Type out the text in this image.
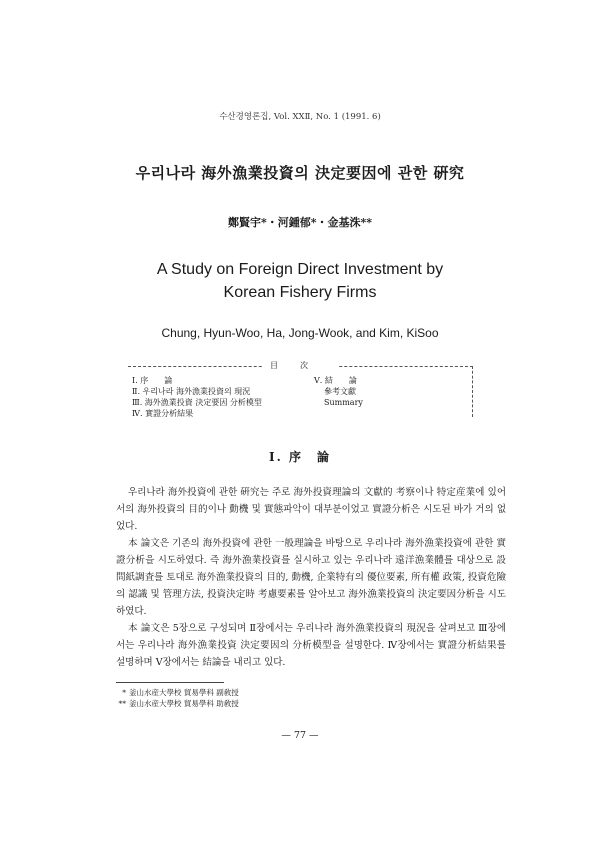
수산경영론집, Vol. XXⅡ, No. 1 (1991. 6)
우리나라 海外漁業投資의 決定要因에 관한 硏究
鄭賢宇*・河鍾郁*・金基洙**
A Study on Foreign Direct Investment by
Korean Fishery Firms
Chung, Hyun-Woo, Ha, Jong-Wook, and Kim, KiSoo
目次
Ⅰ. 序　　論
Ⅱ. 우리나라 海外漁業投資의 現況
Ⅲ. 海外漁業投資 決定要因 分析模型
Ⅳ. 實證分析結果
Ⅴ. 結　　論
參考文獻
Summary
Ⅰ. 序　論

우리나라 海外投資에 관한 硏究는 주로 海外投資理論의 文獻的 考察이나 特定産業에 있어서의 海外投資의 目的이나 動機 및 實態파악이 대부분이었고 實證分析은 시도된 바가 거의 없었다.

本 論文은 기존의 海外投資에 관한 一般理論을 바탕으로 우리나라 海外漁業投資에 관한 實證分析을 시도하였다. 즉 海外漁業投資를 실시하고 있는 우리나라 遠洋漁業體를 대상으로 設問紙調査를 토대로 海外漁業投資의 目的, 動機, 企業特有의 優位要素, 所有權 政策, 投資危險의 認識 및 管理方法, 投資決定時 考慮要素를 알아보고 海外漁業投資의 決定要因分析을 시도하였다.

本 論文은 5장으로 구성되며 Ⅱ장에서는 우리나라 海外漁業投資의 現況을 살펴보고 Ⅲ장에서는 우리나라 海外漁業投資 決定要因의 分析模型을 설명한다. Ⅳ장에서는 實證分析結果를 설명하며 Ⅴ장에서는 結論을 내리고 있다.

* 釜山水産大學校 貿易學科 副敎授
** 釜山水産大學校 貿易學科 助敎授
— 77 —
